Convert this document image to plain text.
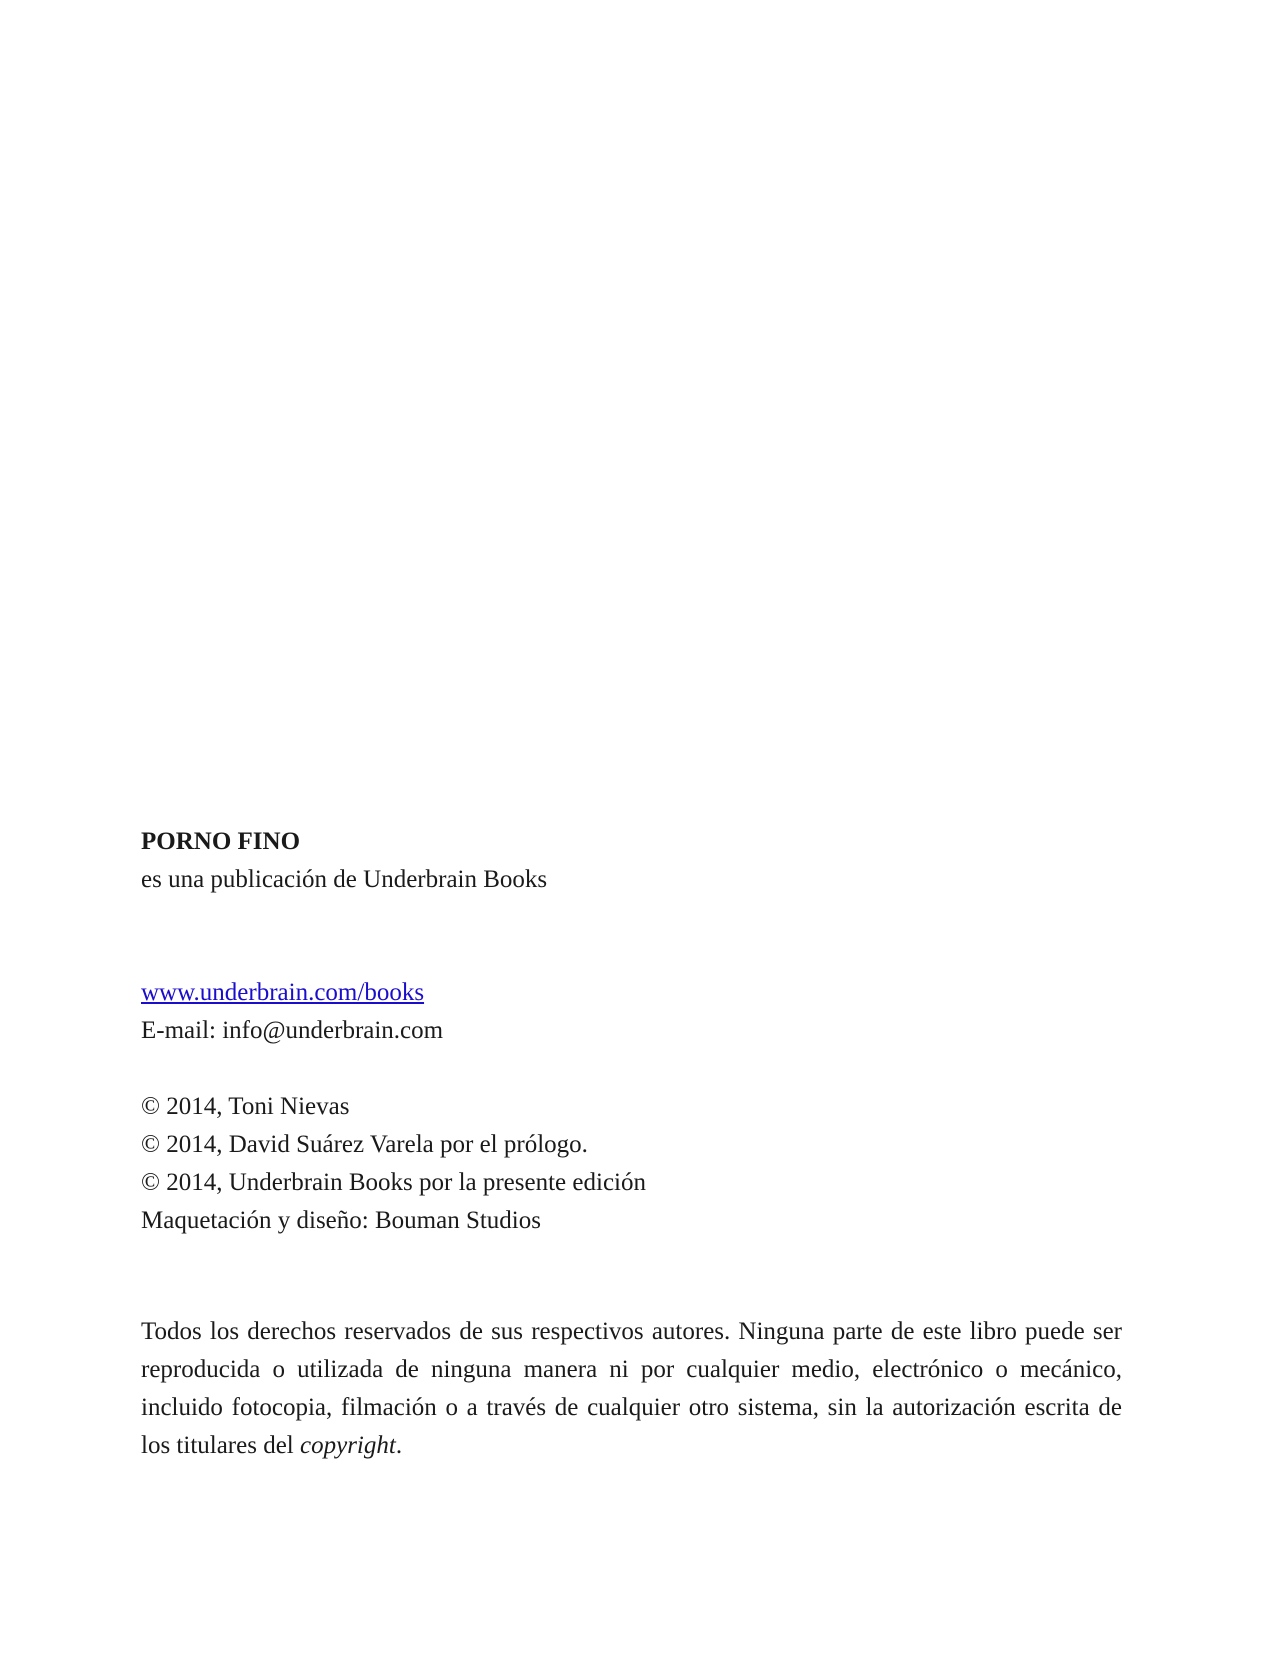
PORNO FINO
es una publicación de Underbrain Books
www.underbrain.com/books
E-mail: info@underbrain.com
© 2014, Toni Nievas
© 2014, David Suárez Varela por el prólogo.
© 2014, Underbrain Books por la presente edición
Maquetación y diseño: Bouman Studios
Todos los derechos reservados de sus respectivos autores. Ninguna parte de este libro puede ser reproducida o utilizada de ninguna manera ni por cualquier medio, electrónico o mecánico, incluido fotocopia, filmación o a través de cualquier otro sistema, sin la autorización escrita de los titulares del copyright.
